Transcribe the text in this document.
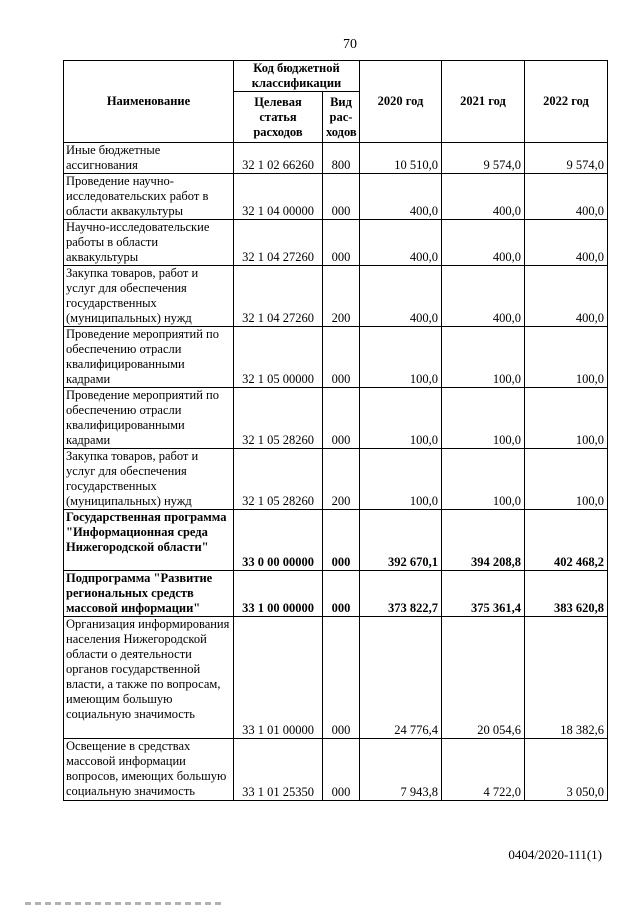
70
Наименование	Код бюджетной классификации		2020 год	2021 год	2022 год
	Целевая статья расходов	Вид рас-ходов			
Иные бюджетные ассигнования	32 1 02 66260	800	10 510,0	9 574,0	9 574,0
Проведение научно-исследовательских работ в области аквакультуры	32 1 04 00000	000	400,0	400,0	400,0
Научно-исследовательские работы в области аквакультуры	32 1 04 27260	000	400,0	400,0	400,0
Закупка товаров, работ и услуг для обеспечения государственных (муниципальных) нужд	32 1 04 27260	200	400,0	400,0	400,0
Проведение мероприятий по обеспечению отрасли квалифицированными кадрами	32 1 05 00000	000	100,0	100,0	100,0
Проведение мероприятий по обеспечению отрасли квалифицированными кадрами	32 1 05 28260	000	100,0	100,0	100,0
Закупка товаров, работ и услуг для обеспечения государственных (муниципальных) нужд	32 1 05 28260	200	100,0	100,0	100,0
Государственная программа "Информационная среда Нижегородской области"	33 0 00 00000	000	392 670,1	394 208,8	402 468,2
Подпрограмма "Развитие региональных средств массовой информации"	33 1 00 00000	000	373 822,7	375 361,4	383 620,8
Организация информирования населения Нижегородской области о деятельности органов государственной власти, а также по вопросам, имеющим большую социальную значимость	33 1 01 00000	000	24 776,4	20 054,6	18 382,6
Освещение в средствах массовой информации вопросов, имеющих большую социальную значимость	33 1 01 25350	000	7 943,8	4 722,0	3 050,0
0404/2020-111(1)
